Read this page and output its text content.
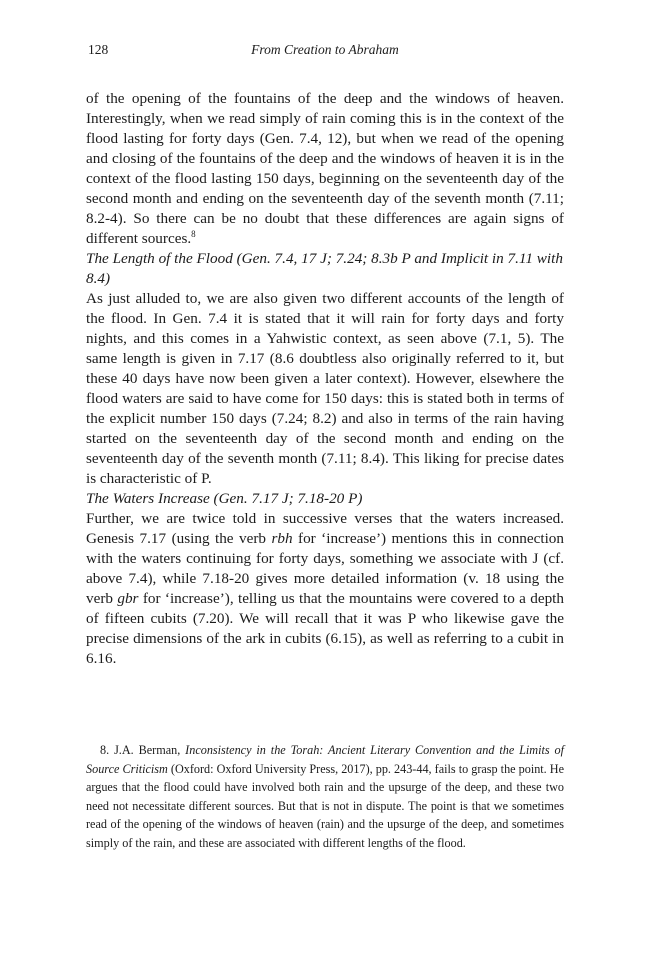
128	From Creation to Abraham

of the opening of the fountains of the deep and the windows of heaven. Interestingly, when we read simply of rain coming this is in the context of the flood lasting for forty days (Gen. 7.4, 12), but when we read of the opening and closing of the fountains of the deep and the windows of heaven it is in the context of the flood lasting 150 days, beginning on the seventeenth day of the second month and ending on the seventeenth day of the seventh month (7.11; 8.2-4). So there can be no doubt that these differences are again signs of different sources.$^8$

The Length of the Flood (Gen. 7.4, 17 J; 7.24; 8.3b P and Implicit in 7.11 with 8.4)

As just alluded to, we are also given two different accounts of the length of the flood. In Gen. 7.4 it is stated that it will rain for forty days and forty nights, and this comes in a Yahwistic context, as seen above (7.1, 5). The same length is given in 7.17 (8.6 doubtless also originally referred to it, but these 40 days have now been given a later context). However, elsewhere the flood waters are said to have come for 150 days: this is stated both in terms of the explicit number 150 days (7.24; 8.2) and also in terms of the rain having started on the seventeenth day of the second month and ending on the seventeenth day of the seventh month (7.11; 8.4). This liking for precise dates is characteristic of P.

The Waters Increase (Gen. 7.17 J; 7.18-20 P)

Further, we are twice told in successive verses that the waters increased. Genesis 7.17 (using the verb rbh for ‘increase’) mentions this in connection with the waters continuing for forty days, something we associate with J (cf. above 7.4), while 7.18-20 gives more detailed information (v. 18 using the verb gbr for ‘increase’), telling us that the mountains were covered to a depth of fifteen cubits (7.20). We will recall that it was P who likewise gave the precise dimensions of the ark in cubits (6.15), as well as referring to a cubit in 6.16.

8. J.A. Berman, Inconsistency in the Torah: Ancient Literary Convention and the Limits of Source Criticism (Oxford: Oxford University Press, 2017), pp. 243-44, fails to grasp the point. He argues that the flood could have involved both rain and the upsurge of the deep, and these two need not necessitate different sources. But that is not in dispute. The point is that we sometimes read of the opening of the windows of heaven (rain) and the upsurge of the deep, and sometimes simply of the rain, and these are associated with different lengths of the flood.
